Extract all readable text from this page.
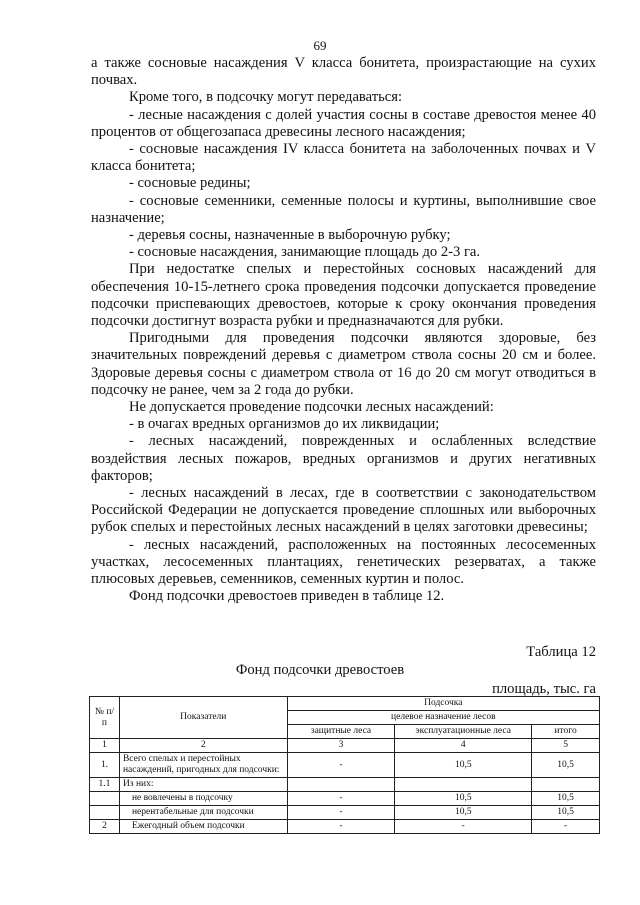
69

а также сосновые насаждения V класса бонитета, произрастающие на сухих почвах.

Кроме того, в подсочку могут передаваться:

- лесные насаждения с долей участия сосны в составе древостоя менее 40 процентов от общегозапаса древесины лесного насаждения;

- сосновые насаждения IV класса бонитета на заболоченных почвах и V класса бонитета;

- сосновые редины;

- сосновые семенники, семенные полосы и куртины, выполнившие свое назначение;

- деревья сосны, назначенные в выборочную рубку;

- сосновые насаждения, занимающие площадь до 2-3 га.

При недостатке спелых и перестойных сосновых насаждений для обеспечения 10-15-летнего срока проведения подсочки допускается проведение подсочки приспевающих древостоев, которые к сроку окончания проведения подсочки достигнут возраста рубки и предназначаются для рубки.

Пригодными для проведения подсочки являются здоровые, без значительных повреждений деревья с диаметром ствола сосны 20 см и более. Здоровые деревья сосны с диаметром ствола от 16 до 20 см могут отводиться в подсочку не ранее, чем за 2 года до рубки.

Не допускается проведение подсочки лесных насаждений:

- в очагах вредных организмов до их ликвидации;

- лесных насаждений, поврежденных и ослабленных вследствие воздействия лесных пожаров, вредных организмов и других негативных факторов;

- лесных насаждений в лесах, где в соответствии с законодательством Российской Федерации не допускается проведение сплошных или выборочных рубок спелых и перестойных лесных насаждений в целях заготовки древесины;

- лесных насаждений, расположенных на постоянных лесосеменных участках, лесосеменных плантациях, генетических резерватах, а также плюсовых деревьев, семенников, семенных куртин и полос.

Фонд подсочки древостоев приведен в таблице 12.

Таблица 12
Фонд подсочки древостоев
площадь, тыс. га
№ п/п	Показатели	Подсочка		
		целевое назначение лесов		
		защитные леса	эксплуатационные леса	итого
1	2	3	4	5
1.	Всего спелых и перестойных насаждений, пригодных для подсочки:	-	10,5	10,5
1.1	Из них:			
	не вовлечены в подсочку	-	10,5	10,5
	нерентабельные для подсочки	-	10,5	10,5
2	Ежегодный объем подсочки	-	-	-
